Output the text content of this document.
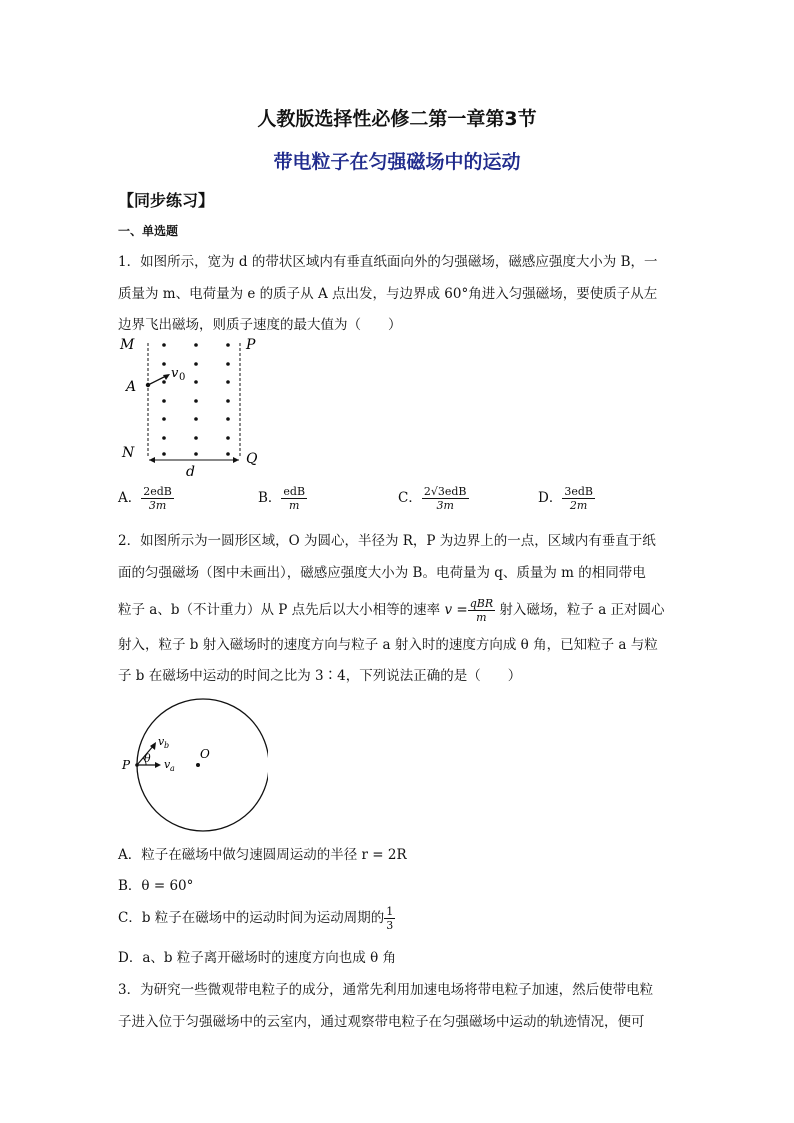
人教版选择性必修二第一章第3节
带电粒子在匀强磁场中的运动
【同步练习】
一、单选题
1．如图所示，宽为 d 的带状区域内有垂直纸面向外的匀强磁场，磁感应强度大小为 B，一
质量为 m、电荷量为 e 的质子从 A 点出发，与边界成 60°角进入匀强磁场，要使质子从左
边界飞出磁场，则质子速度的最大值为（　　）
M	P
A
v 0
N	Q
d
A． $\frac{\text{2edB}}{3m}$	B． $\frac{\text{edB}}{m}$	C． $\frac{\text{2√3edB}}{3m}$	D． $\frac{\text{3edB}}{2m}$
2．如图所示为一圆形区域，O 为圆心，半径为 R，P 为边界上的一点，区域内有垂直于纸
面的匀强磁场（图中未画出），磁感应强度大小为 B。电荷量为 q、质量为 m 的相同带电
粒子 a、b（不计重力）从 P 点先后以大小相等的速率 $v = \frac{\text{qBR}}{m}$ 射入磁场，粒子 a 正对圆心
射入，粒子 b 射入磁场时的速度方向与粒子 a 射入时的速度方向成 θ 角，已知粒子 a 与粒
子 b 在磁场中运动的时间之比为 3∶4，下列说法正确的是（　　）
P
O
θ
v b
v a
A．粒子在磁场中做匀速圆周运动的半径 r = 2R
B．θ = 60°
C．b 粒子在磁场中的运动时间为运动周期的 $\frac{1}{3}$
D．a、b 粒子离开磁场时的速度方向也成 θ 角
3．为研究一些微观带电粒子的成分，通常先利用加速电场将带电粒子加速，然后使带电粒
子进入位于匀强磁场中的云室内，通过观察带电粒子在匀强磁场中运动的轨迹情况，便可
